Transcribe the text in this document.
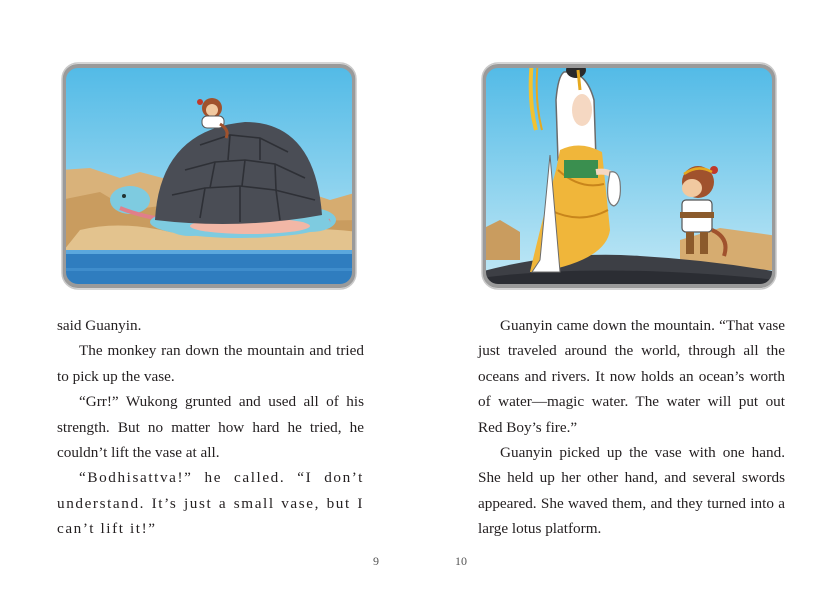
said Guanyin.

The monkey ran down the mountain and tried to pick up the vase.

“Grr!” Wukong grunted and used all of his strength. But no matter how hard he tried, he couldn’t lift the vase at all.

“Bodhisattva!” he called. “I don’t understand. It’s just a small vase, but I can’t lift it!”

Guanyin came down the mountain. “That vase just traveled around the world, through all the oceans and rivers. It now holds an ocean’s worth of water—magic water. The water will put out Red Boy’s fire.”

Guanyin picked up the vase with one hand. She held up her other hand, and several swords appeared. She waved them, and they turned into a large lotus platform.

9	10
